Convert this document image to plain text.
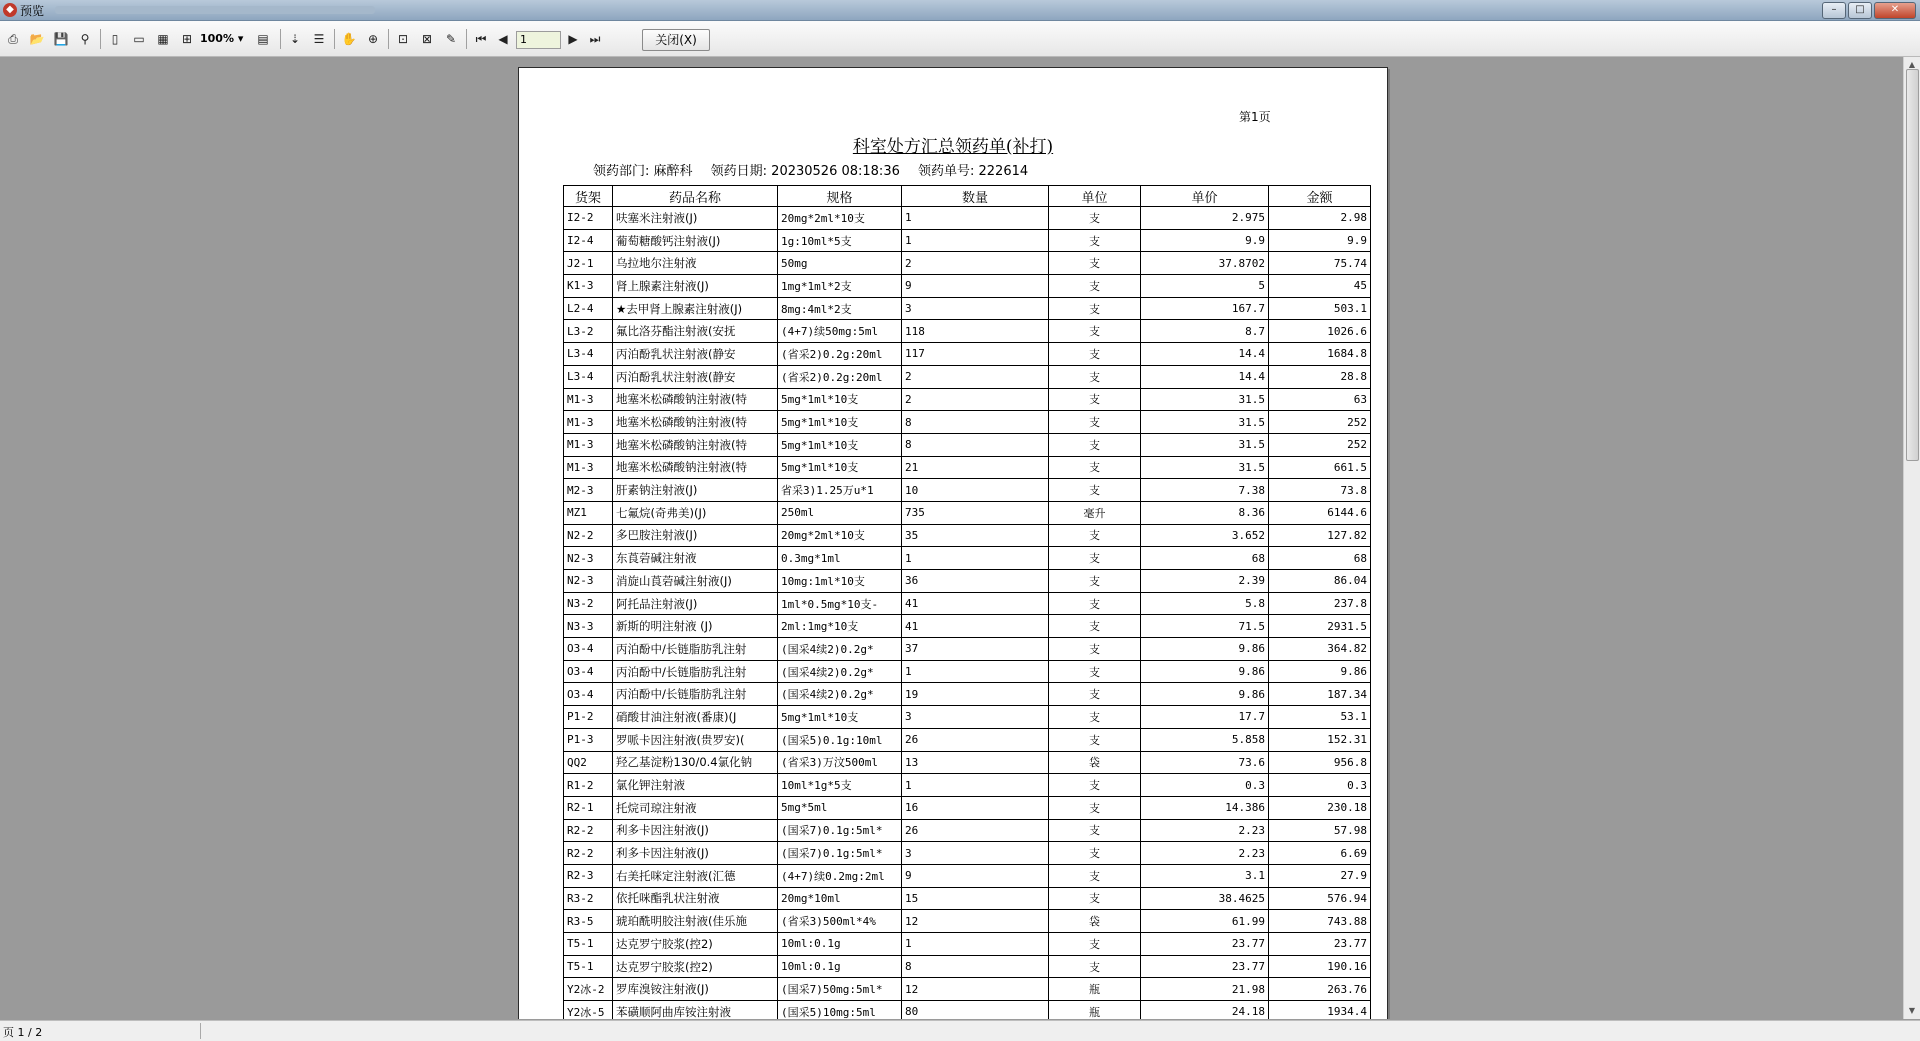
◆ 预览	–	□	✕
⎙ 📂 💾	⚲	▯	▭ ▦	⊞ 100% ▾ ▤	⇣	☰	✋ ⊕	⊡	⊠	✎	⏮ ◀	1	▶ ⏭	关闭(X)
第1页
科室处方汇总领药单(补打)
领药部门: 麻醉科 领药日期: 20230526 08:18:36 领药单号: 222614
货架	药品名称	规格	数量	单位	单价	金额
I2-2	呋塞米注射液(J)	20mg*2ml*10支	1	支	2.975	2.98
I2-4	葡萄糖酸钙注射液(J)	1g:10ml*5支	1	支	9.9	9.9
J2-1	乌拉地尔注射液	50mg	2	支	37.8702	75.74
K1-3	肾上腺素注射液(J)	1mg*1ml*2支	9	支	5	45
L2-4	★去甲肾上腺素注射液(J)	8mg:4ml*2支	3	支	167.7	503.1
L3-2	氟比洛芬酯注射液(安抚	(4+7)续50mg:5ml	118	支	8.7	1026.6
L3-4	丙泊酚乳状注射液(静安	(省采2)0.2g:20ml	117	支	14.4	1684.8
L3-4	丙泊酚乳状注射液(静安	(省采2)0.2g:20ml	2	支	14.4	28.8
M1-3	地塞米松磷酸钠注射液(特	5mg*1ml*10支	2	支	31.5	63
M1-3	地塞米松磷酸钠注射液(特	5mg*1ml*10支	8	支	31.5	252
M1-3	地塞米松磷酸钠注射液(特	5mg*1ml*10支	8	支	31.5	252
M1-3	地塞米松磷酸钠注射液(特	5mg*1ml*10支	21	支	31.5	661.5
M2-3	肝素钠注射液(J)	省采3)1.25万u*1	10	支	7.38	73.8
MZ1	七氟烷(奇弗美)(J)	250ml	735	毫升	8.36	6144.6
N2-2	多巴胺注射液(J)	20mg*2ml*10支	35	支	3.652	127.82
N2-3	东莨菪碱注射液	0.3mg*1ml	1	支	68	68
N2-3	消旋山莨菪碱注射液(J)	10mg:1ml*10支	36	支	2.39	86.04
N3-2	阿托品注射液(J)	1ml*0.5mg*10支-	41	支	5.8	237.8
N3-3	新斯的明注射液 (J)	2ml:1mg*10支	41	支	71.5	2931.5
O3-4	丙泊酚中/长链脂肪乳注射	(国采4续2)0.2g*	37	支	9.86	364.82
O3-4	丙泊酚中/长链脂肪乳注射	(国采4续2)0.2g*	1	支	9.86	9.86
O3-4	丙泊酚中/长链脂肪乳注射	(国采4续2)0.2g*	19	支	9.86	187.34
P1-2	硝酸甘油注射液(番康)(J	5mg*1ml*10支	3	支	17.7	53.1
P1-3	罗哌卡因注射液(贵罗安)(	(国采5)0.1g:10ml	26	支	5.858	152.31
QQ2	羟乙基淀粉130/0.4氯化钠	(省采3)万汶500ml	13	袋	73.6	956.8
R1-2	氯化钾注射液	10ml*1g*5支	1	支	0.3	0.3
R2-1	托烷司琼注射液	5mg*5ml	16	支	14.386	230.18
R2-2	利多卡因注射液(J)	(国采7)0.1g:5ml*	26	支	2.23	57.98
R2-2	利多卡因注射液(J)	(国采7)0.1g:5ml*	3	支	2.23	6.69
R2-3	右美托咪定注射液(汇德	(4+7)续0.2mg:2ml	9	支	3.1	27.9
R3-2	依托咪酯乳状注射液	20mg*10ml	15	支	38.4625	576.94
R3-5	琥珀酰明胶注射液(佳乐施	(省采3)500ml*4%	12	袋	61.99	743.88
T5-1	达克罗宁胶浆(控2)	10ml:0.1g	1	支	23.77	23.77
T5-1	达克罗宁胶浆(控2)	10ml:0.1g	8	支	23.77	190.16
Y2冰-2	罗库溴铵注射液(J)	(国采7)50mg:5ml*	12	瓶	21.98	263.76
Y2冰-5	苯磺顺阿曲库铵注射液	(国采5)10mg:5ml	80	瓶	24.18	1934.4
▲
▼
页 1 / 2
